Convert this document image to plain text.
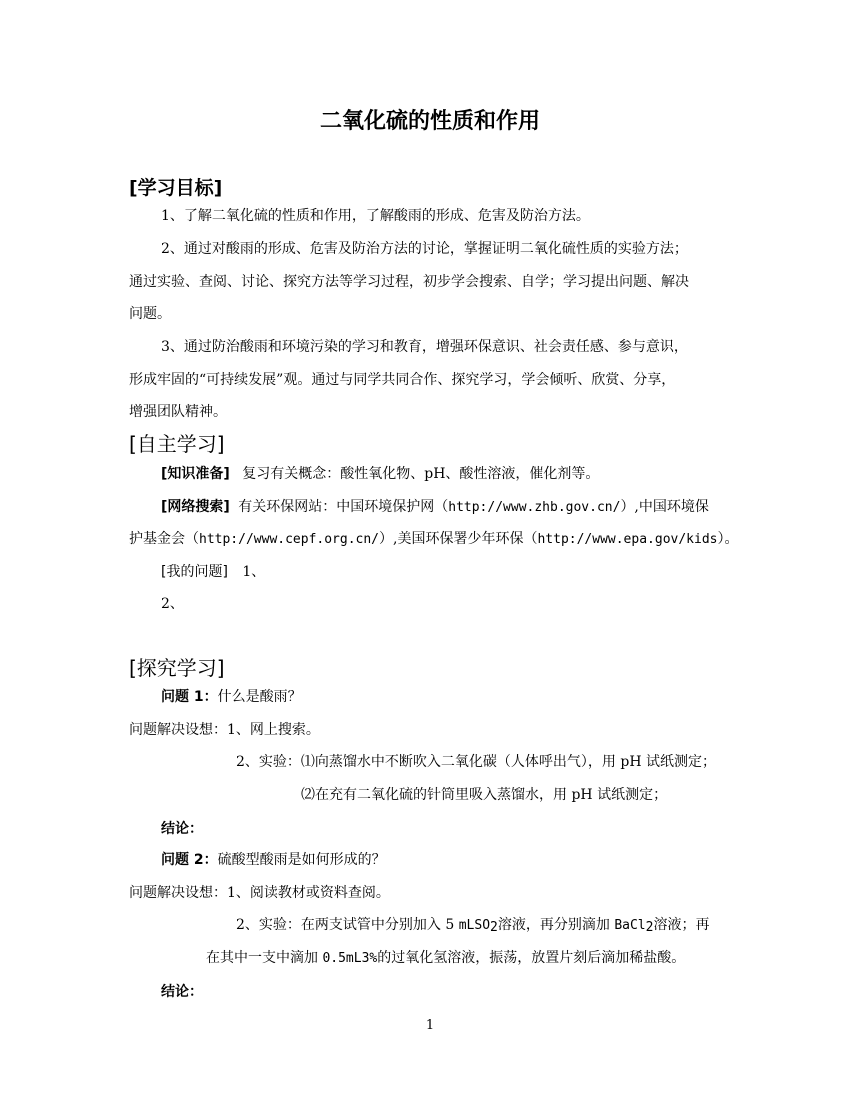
二氧化硫的性质和作用
[学习目标]
1、了解二氧化硫的性质和作用，了解酸雨的形成、危害及防治方法。
2、通过对酸雨的形成、危害及防治方法的讨论，掌握证明二氧化硫性质的实验方法；
通过实验、查阅、讨论、探究方法等学习过程，初步学会搜索、自学；学习提出问题、解决
问题。
3、通过防治酸雨和环境污染的学习和教育，增强环保意识、社会责任感、参与意识，
形成牢固的“可持续发展”观。通过与同学共同合作、探究学习，学会倾听、欣赏、分享，
增强团队精神。
[自主学习]
[知识准备] 复习有关概念：酸性氧化物、pH、酸性溶液，催化剂等。
[网络搜索] 有关环保网站：中国环境保护网（http://www.zhb.gov.cn/）,中国环境保
护基金会（http://www.cepf.org.cn/）,美国环保署少年环保（http://www.epa.gov/kids）。
[我的问题] 1、
2、
[探究学习]
问题 1：什么是酸雨？
问题解决设想：1、网上搜索。
2、实验：⑴向蒸馏水中不断吹入二氧化碳（人体呼出气），用 pH 试纸测定；
⑵在充有二氧化硫的针筒里吸入蒸馏水，用 pH 试纸测定；
结论：
问题 2：硫酸型酸雨是如何形成的？
问题解决设想：1、阅读教材或资料查阅。
2、实验：在两支试管中分别加入 5 mLSO$_2$溶液，再分别滴加 BaCl$_2$溶液；再
在其中一支中滴加 0.5mL3%的过氧化氢溶液，振荡，放置片刻后滴加稀盐酸。
结论：
1
